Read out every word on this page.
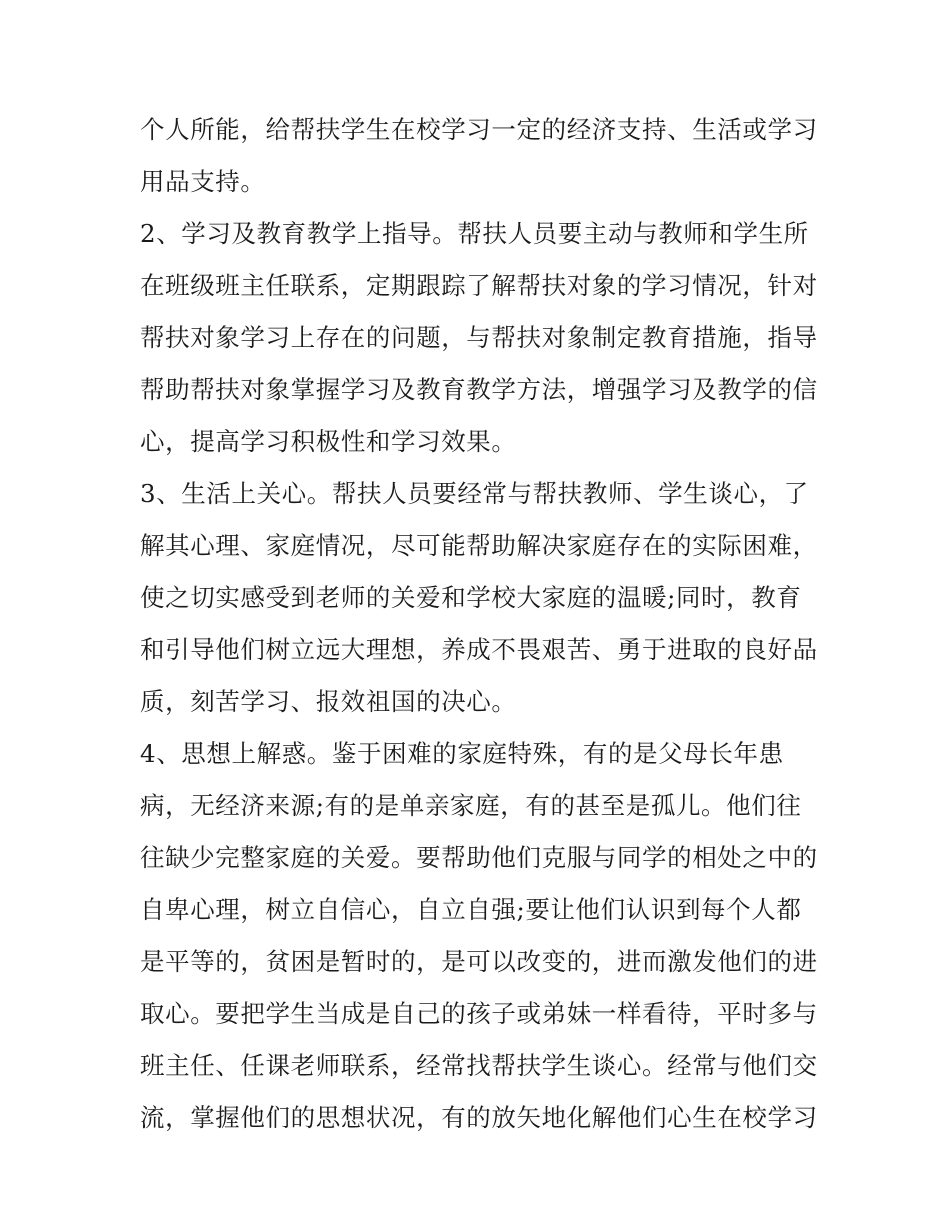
个人所能，给帮扶学生在校学习一定的经济支持、生活或学习
用品支持。
2、学习及教育教学上指导。帮扶人员要主动与教师和学生所
在班级班主任联系，定期跟踪了解帮扶对象的学习情况，针对
帮扶对象学习上存在的问题，与帮扶对象制定教育措施，指导
帮助帮扶对象掌握学习及教育教学方法，增强学习及教学的信
心，提高学习积极性和学习效果。
3、生活上关心。帮扶人员要经常与帮扶教师、学生谈心，了
解其心理、家庭情况，尽可能帮助解决家庭存在的实际困难，
使之切实感受到老师的关爱和学校大家庭的温暖;同时，教育
和引导他们树立远大理想，养成不畏艰苦、勇于进取的良好品
质，刻苦学习、报效祖国的决心。
4、思想上解惑。鉴于困难的家庭特殊，有的是父母长年患
病，无经济来源;有的是单亲家庭，有的甚至是孤儿。他们往
往缺少完整家庭的关爱。要帮助他们克服与同学的相处之中的
自卑心理，树立自信心，自立自强;要让他们认识到每个人都
是平等的，贫困是暂时的，是可以改变的，进而激发他们的进
取心。要把学生当成是自己的孩子或弟妹一样看待，平时多与
班主任、任课老师联系，经常找帮扶学生谈心。经常与他们交
流，掌握他们的思想状况，有的放矢地化解他们心生在校学习
